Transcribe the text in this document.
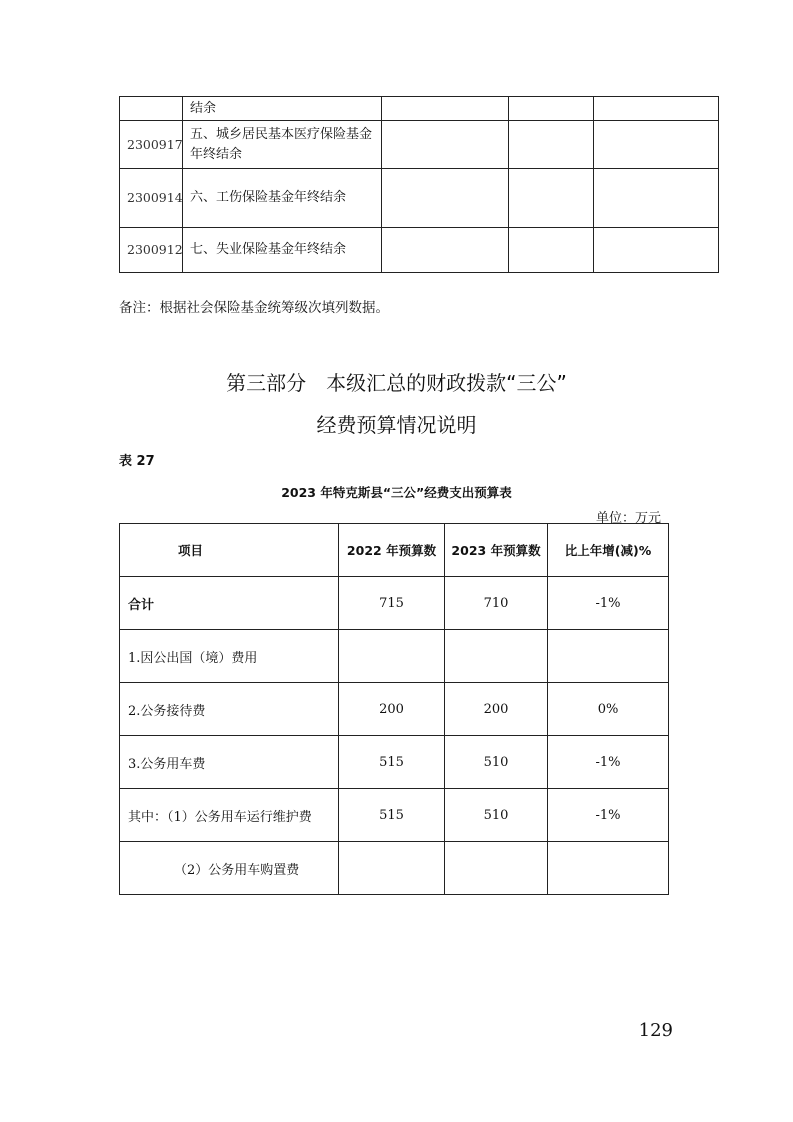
	结余			
2300917	五、城乡居民基本医疗保险基金年终结余			
2300914	六、工伤保险基金年终结余			
2300912	七、失业保险基金年终结余			
备注：根据社会保险基金统筹级次填列数据。
第三部分　本级汇总的财政拨款“三公”
经费预算情况说明
表 27
2023 年特克斯县“三公”经费支出预算表
单位：万元
项目	2022 年预算数	2023 年预算数	比上年增(减)%
合计	715	710	-1%
1.因公出国（境）费用			
2.公务接待费	200	200	0%
3.公务用车费	515	510	-1%
其中：（1）公务用车运行维护费	515	510	-1%
（2）公务用车购置费			
129
